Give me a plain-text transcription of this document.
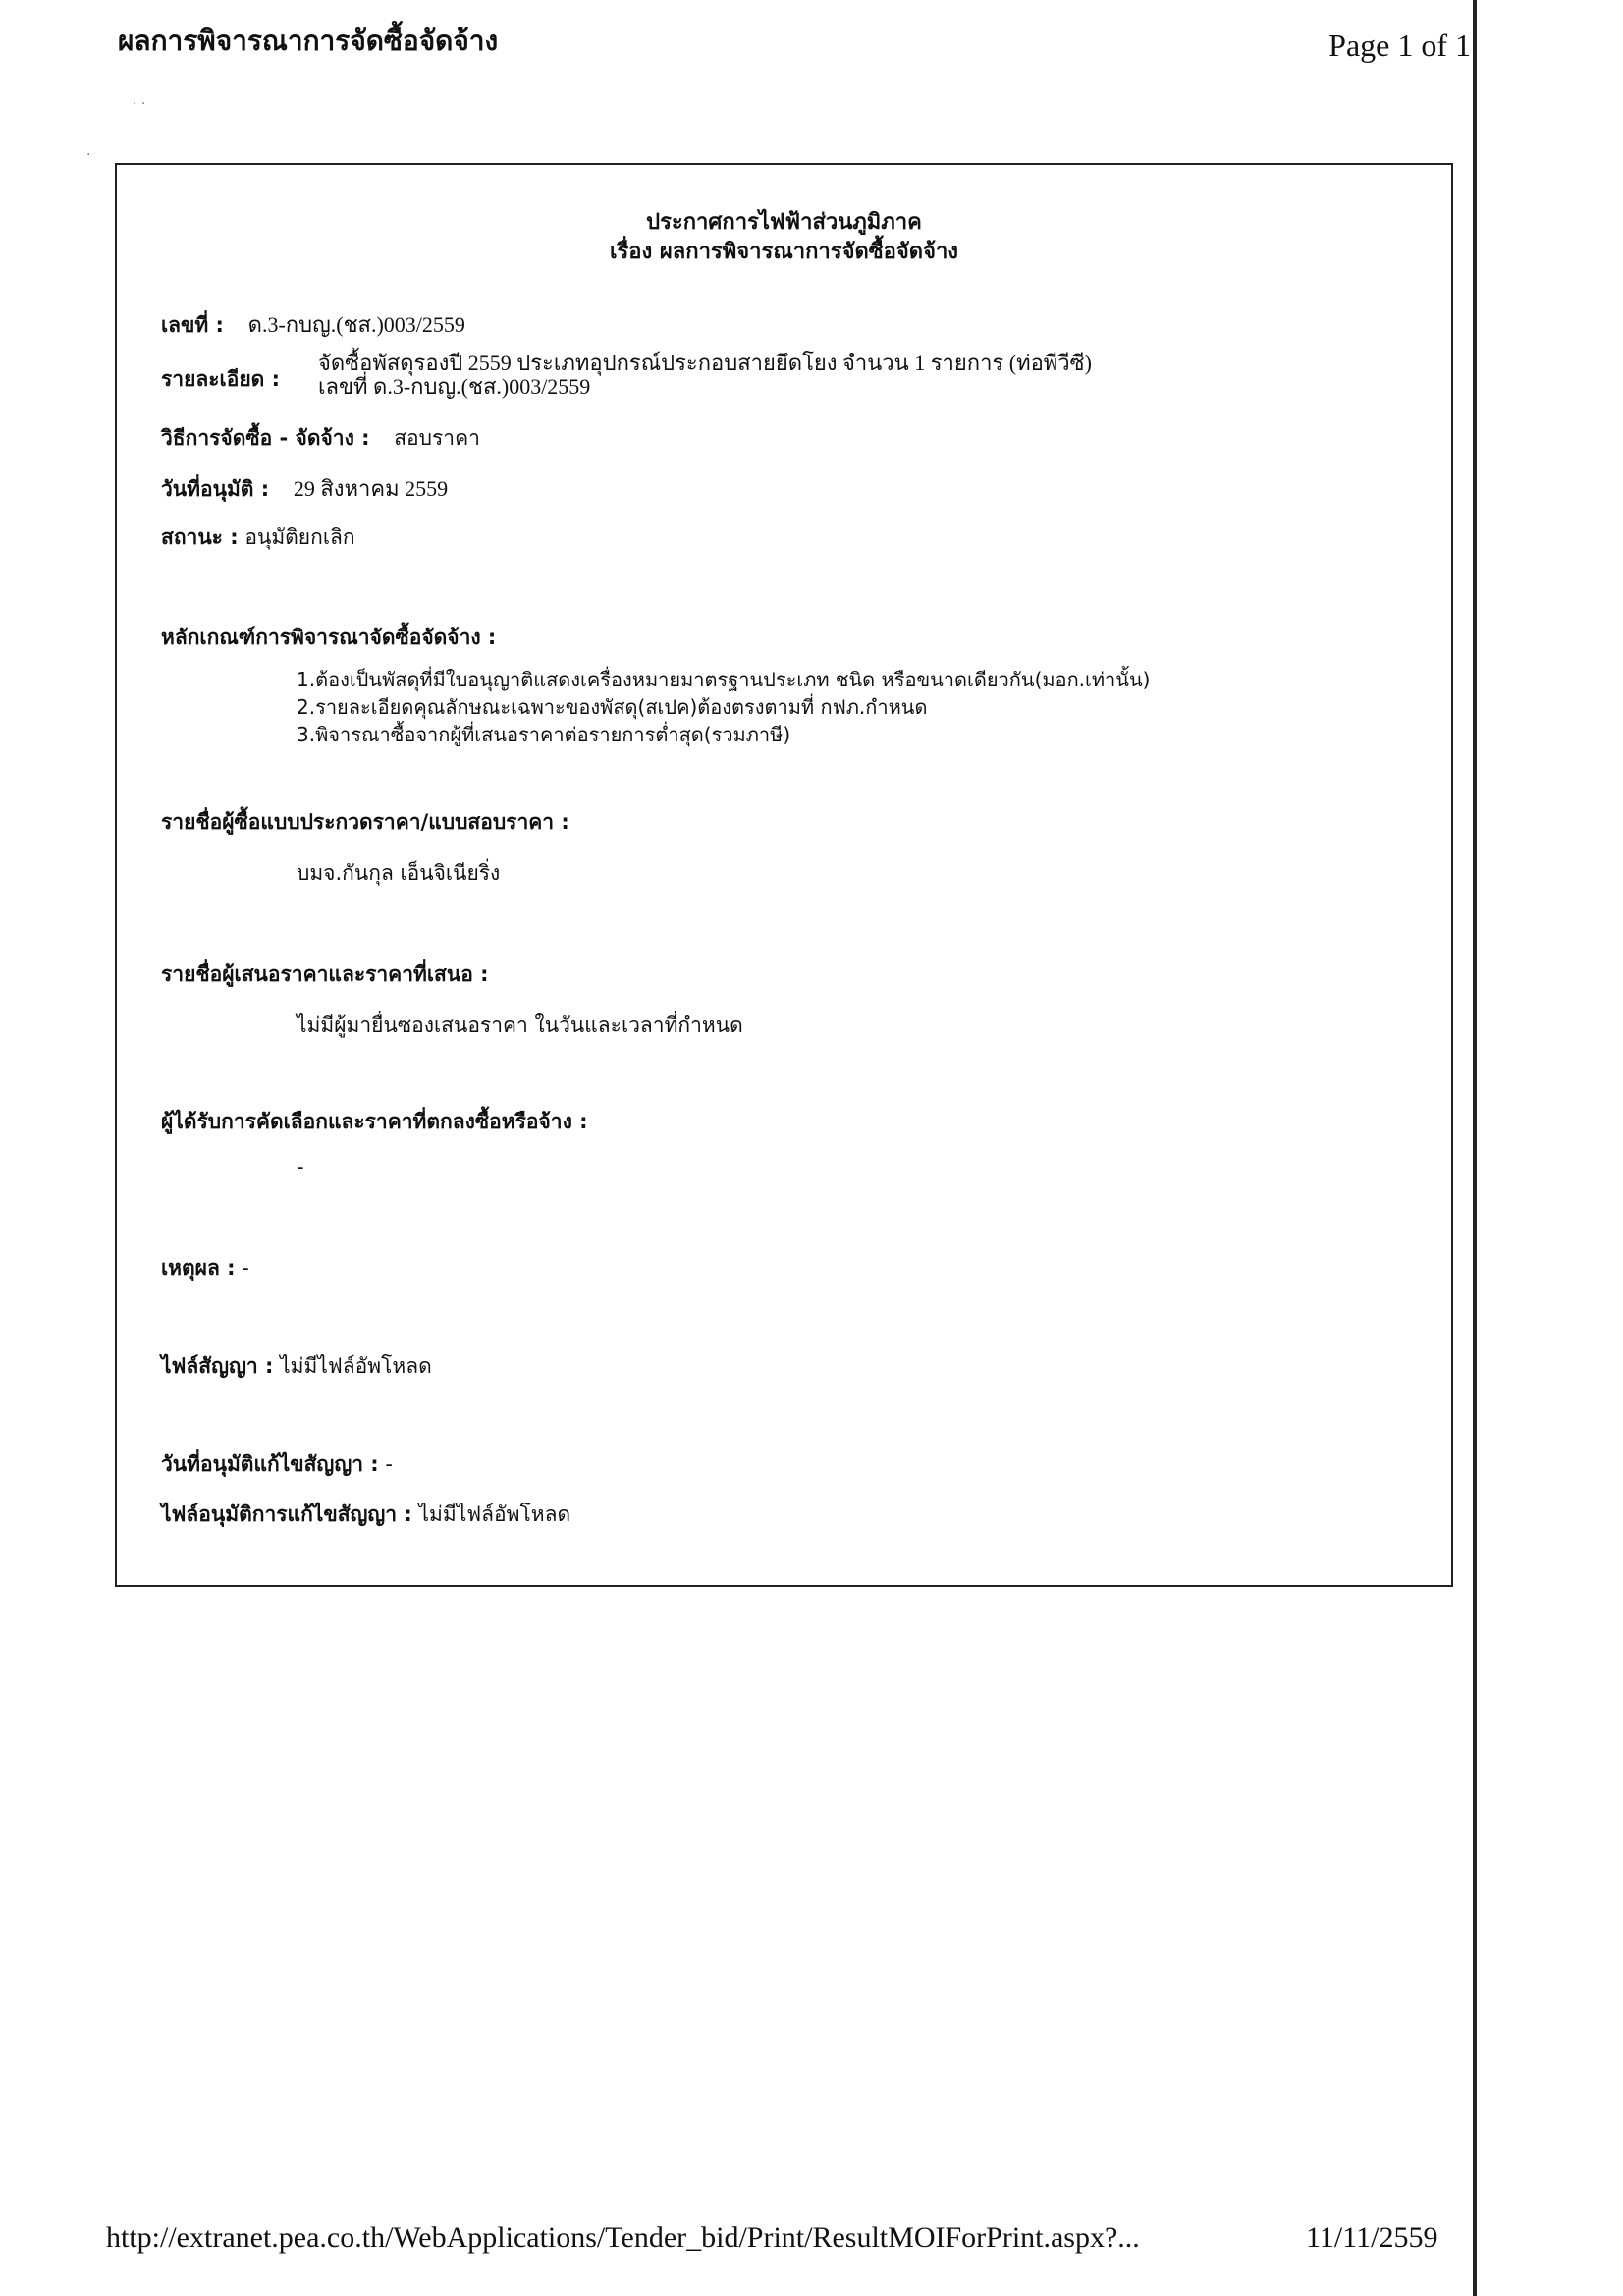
ผลการพิจารณาการจัดซื้อจัดจ้าง	Page 1 of 1
· ·
·
ประกาศการไฟฟ้าส่วนภูมิภาค
เรื่อง ผลการพิจารณาการจัดซื้อจัดจ้าง
เลขที่ : ด.3-กบญ.(ชส.)003/2559
รายละเอียด :
จัดซื้อพัสดุรองปี 2559 ประเภทอุปกรณ์ประกอบสายยึดโยง จำนวน 1 รายการ (ท่อพีวีซี)
เลขที่ ด.3-กบญ.(ชส.)003/2559
วิธีการจัดซื้อ - จัดจ้าง : สอบราคา
วันที่อนุมัติ : 29 สิงหาคม 2559
สถานะ : อนุมัติยกเลิก
หลักเกณฑ์การพิจารณาจัดซื้อจัดจ้าง :
1.ต้องเป็นพัสดุที่มีใบอนุญาติแสดงเครื่องหมายมาตรฐานประเภท ชนิด หรือขนาดเดียวกัน(มอก.เท่านั้น)
2.รายละเอียดคุณลักษณะเฉพาะของพัสดุ(สเปค)ต้องตรงตามที่ กฟภ.กำหนด
3.พิจารณาซื้อจากผู้ที่เสนอราคาต่อรายการต่ำสุด(รวมภาษี)
รายชื่อผู้ซื้อแบบประกวดราคา/แบบสอบราคา :
บมจ.กันกุล เอ็นจิเนียริ่ง
รายชื่อผู้เสนอราคาและราคาที่เสนอ :
ไม่มีผู้มายื่นซองเสนอราคา ในวันและเวลาที่กำหนด
ผู้ได้รับการคัดเลือกและราคาที่ตกลงซื้อหรือจ้าง :
-
เหตุผล : -
ไฟล์สัญญา : ไม่มีไฟล์อัพโหลด
วันที่อนุมัติแก้ไขสัญญา : -
ไฟล์อนุมัติการแก้ไขสัญญา : ไม่มีไฟล์อัพโหลด
http://extranet.pea.co.th/WebApplications/Tender_bid/Print/ResultMOIForPrint.aspx?...	11/11/2559
